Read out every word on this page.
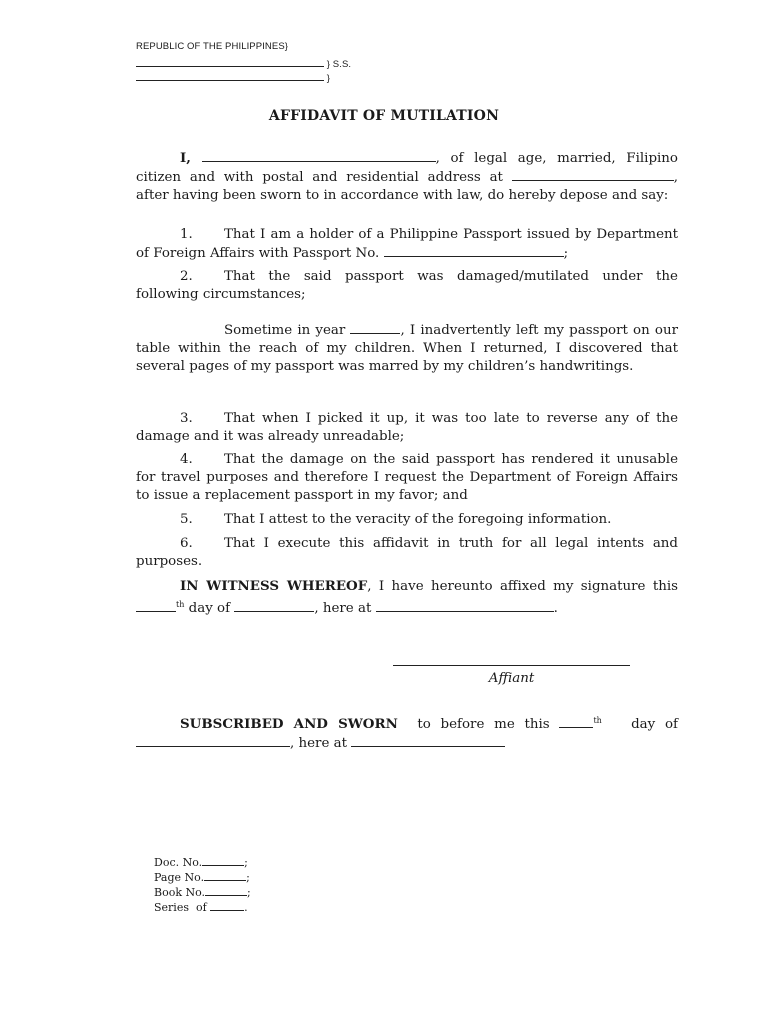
REPUBLIC OF THE PHILIPPINES}
} S.S.
}
AFFIDAVIT OF MUTILATION

I,	, of legal age, married, Filipino citizen and with postal and residential address at	, after having been sworn to in accordance with law, do hereby depose and say:

1. That I am a holder of a Philippine Passport issued by Department of Foreign Affairs with Passport No.	;

2. That the said passport was damaged/mutilated under the following circumstances;

Sometime in year	, I inadvertently left my passport on our table within the reach of my children. When I returned, I discovered that several pages of my passport was marred by my children’s handwritings.

3. That when I picked it up, it was too late to reverse any of the damage and it was already unreadable;

4. That the damage on the said passport has rendered it unusable for travel purposes and therefore I request the Department of Foreign Affairs to issue a replacement passport in my favor; and

5. That I attest to the veracity of the foregoing information.

6. That I execute this affidavit in truth for all legal intents and purposes.

IN WITNESS WHEREOF, I have hereunto affixed my signature this $^{th}$ day of	, here at	.

Affiant

SUBSCRIBED AND SWORN to before me this	$^{th}$ day of , here at

Doc. No.	;
Page No.	;
Book No.	;
Series  of	.
